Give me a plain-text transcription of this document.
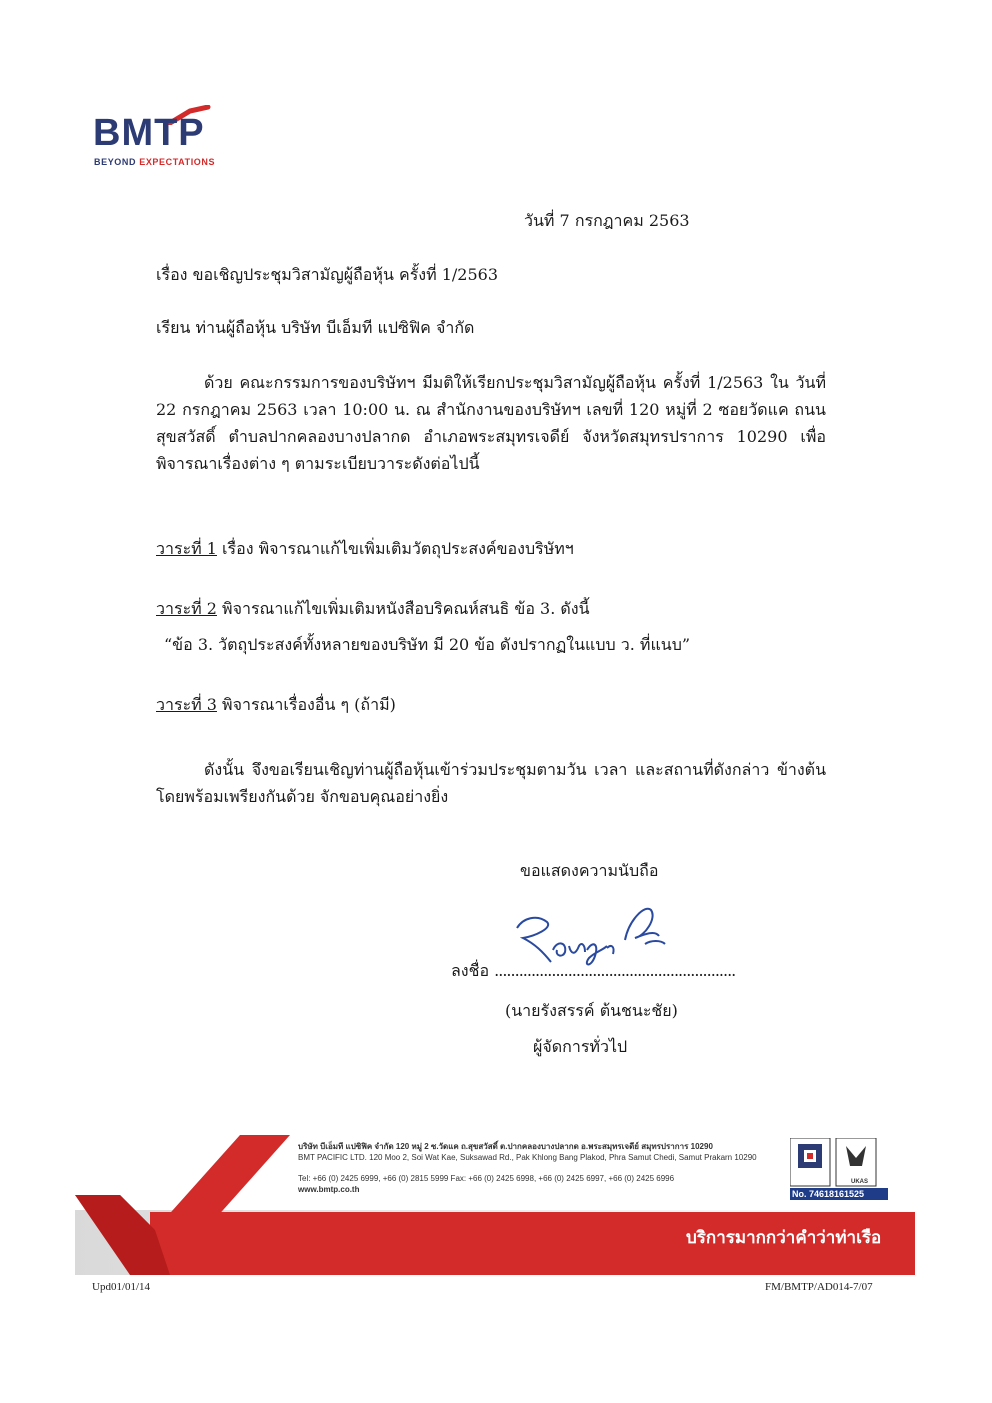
BMTP
BEYOND EXPECTATIONS
วันที่ 7 กรกฎาคม 2563
เรื่อง ขอเชิญประชุมวิสามัญผู้ถือหุ้น ครั้งที่ 1/2563
เรียน ท่านผู้ถือหุ้น บริษัท บีเอ็มที แปซิฟิค จำกัด
ด้วย คณะกรรมการของบริษัทฯ มีมติให้เรียกประชุมวิสามัญผู้ถือหุ้น ครั้งที่ 1/2563 ใน วันที่ 22 กรกฎาคม 2563 เวลา 10:00 น. ณ สำนักงานของบริษัทฯ เลขที่ 120 หมู่ที่ 2 ซอยวัดแค ถนนสุขสวัสดิ์ ตำบลปากคลองบางปลากด อำเภอพระสมุทรเจดีย์ จังหวัดสมุทรปราการ 10290 เพื่อพิจารณาเรื่องต่าง ๆ ตามระเบียบวาระดังต่อไปนี้
วาระที่ 1 เรื่อง พิจารณาแก้ไขเพิ่มเติมวัตถุประสงค์ของบริษัทฯ
วาระที่ 2 พิจารณาแก้ไขเพิ่มเติมหนังสือบริคณห์สนธิ ข้อ 3. ดังนี้
“ข้อ 3. วัตถุประสงค์ทั้งหลายของบริษัท มี 20 ข้อ ดังปรากฏในแบบ ว. ที่แนบ”
วาระที่ 3 พิจารณาเรื่องอื่น ๆ (ถ้ามี)
ดังนั้น จึงขอเรียนเชิญท่านผู้ถือหุ้นเข้าร่วมประชุมตามวัน เวลา และสถานที่ดังกล่าว ข้างต้นโดยพร้อมเพรียงกันด้วย จักขอบคุณอย่างยิ่ง
ขอแสดงความนับถือ
ลงชื่อ ...........................................................
(นายรังสรรค์ ต้นชนะชัย)
ผู้จัดการทั่วไป
บริษัท บีเอ็มที แปซิฟิค จำกัด 120 หมู่ 2 ซ.วัดแค ถ.สุขสวัสดิ์ ต.ปากคลองบางปลากด อ.พระสมุทรเจดีย์ สมุทรปราการ 10290
BMT PACIFIC LTD. 120 Moo 2, Soi Wat Kae, Suksawad Rd., Pak Khlong Bang Plakod, Phra Samut Chedi, Samut Prakarn 10290
Tel: +66 (0) 2425 6999, +66 (0) 2815 5999 Fax: +66 (0) 2425 6998, +66 (0) 2425 6997, +66 (0) 2425 6996
www.bmtp.co.th
UKAS
No. 74618161525
บริการมากกว่าคำว่าท่าเรือ
Upd01/01/14	FM/BMTP/AD014-7/07
